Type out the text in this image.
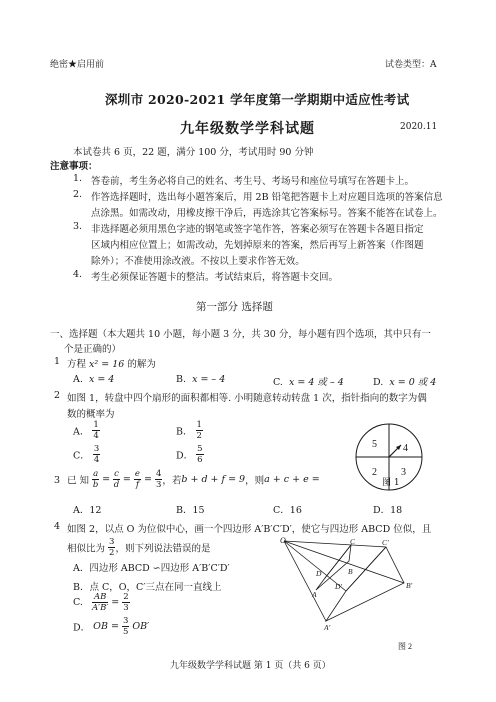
绝密★启用前	试卷类型：A
深圳市 2020-2021 学年度第一学期期中适应性考试
九年级数学学科试题	2020.11
本试卷共 6 页，22 题，满分 100 分，考试用时 90 分钟
注意事项：
1. 答卷前，考生务必将自己的姓名、考生号、考场号和座位号填写在答题卡上。
2. 作答选择题时，选出每小题答案后，用 2B 铅笔把答题卡上对应题目选项的答案信息
点涂黑。如需改动，用橡皮擦干净后，再选涂其它答案标号。答案不能答在试卷上。
3. 非选择题必须用黑色字迹的钢笔或签字笔作答，答案必须写在答题卡各题目指定
区域内相应位置上；如需改动，先划掉原来的答案，然后再写上新答案（作图题
除外）；不准使用涂改液。不按以上要求作答无效。
4. 考生必须保证答题卡的整洁。考试结束后，将答题卡交回。
第一部分 选择题
一、选择题（本大题共 10 小题，每小题 3 分，共 30 分，每小题有四个选项，其中只有一
个是正确的）
1 方程 x² = 16 的解为
A. x = 4	B. x = – 4	C. x = 4 或 – 4	D. x = 0 或 4
2 如图 1，转盘中四个扇形的面积都相等. 小明随意转动转盘 1 次，指针指向的数字为偶
数的概率为
A． $\frac{1}{4}$	B． $\frac{1}{2}$
C． $\frac{3}{4}$	D． $\frac{5}{6}$	5	4
2 3
图 1
3 已 知 $\frac{a}{b} = \frac{c}{d} = \frac{e}{f} = \frac{4}{3}$ ，若b + d + f = 9，则a + c + e =
A．12	B．15	C．16	D．18
4 如图 2，以点 O 为位似中心，画一个四边形 A′B′C′D′，使它与四边形 ABCD 位似，且
相似比为 $\frac{3}{2}$ ，则下列说法错误的是
A．四边形 ABCD ∽四边形 A′B′C′D′
B．点 C，O，C′三点在同一直线上
C. $\frac{AB}{A'B'} = \frac{2}{3}$
D． OB = $\frac{3}{5} OB'$
O	C	C′
D	B
D′	B′
A
A′
图 2
九年级数学学科试题 第 1 页（共 6 页）
